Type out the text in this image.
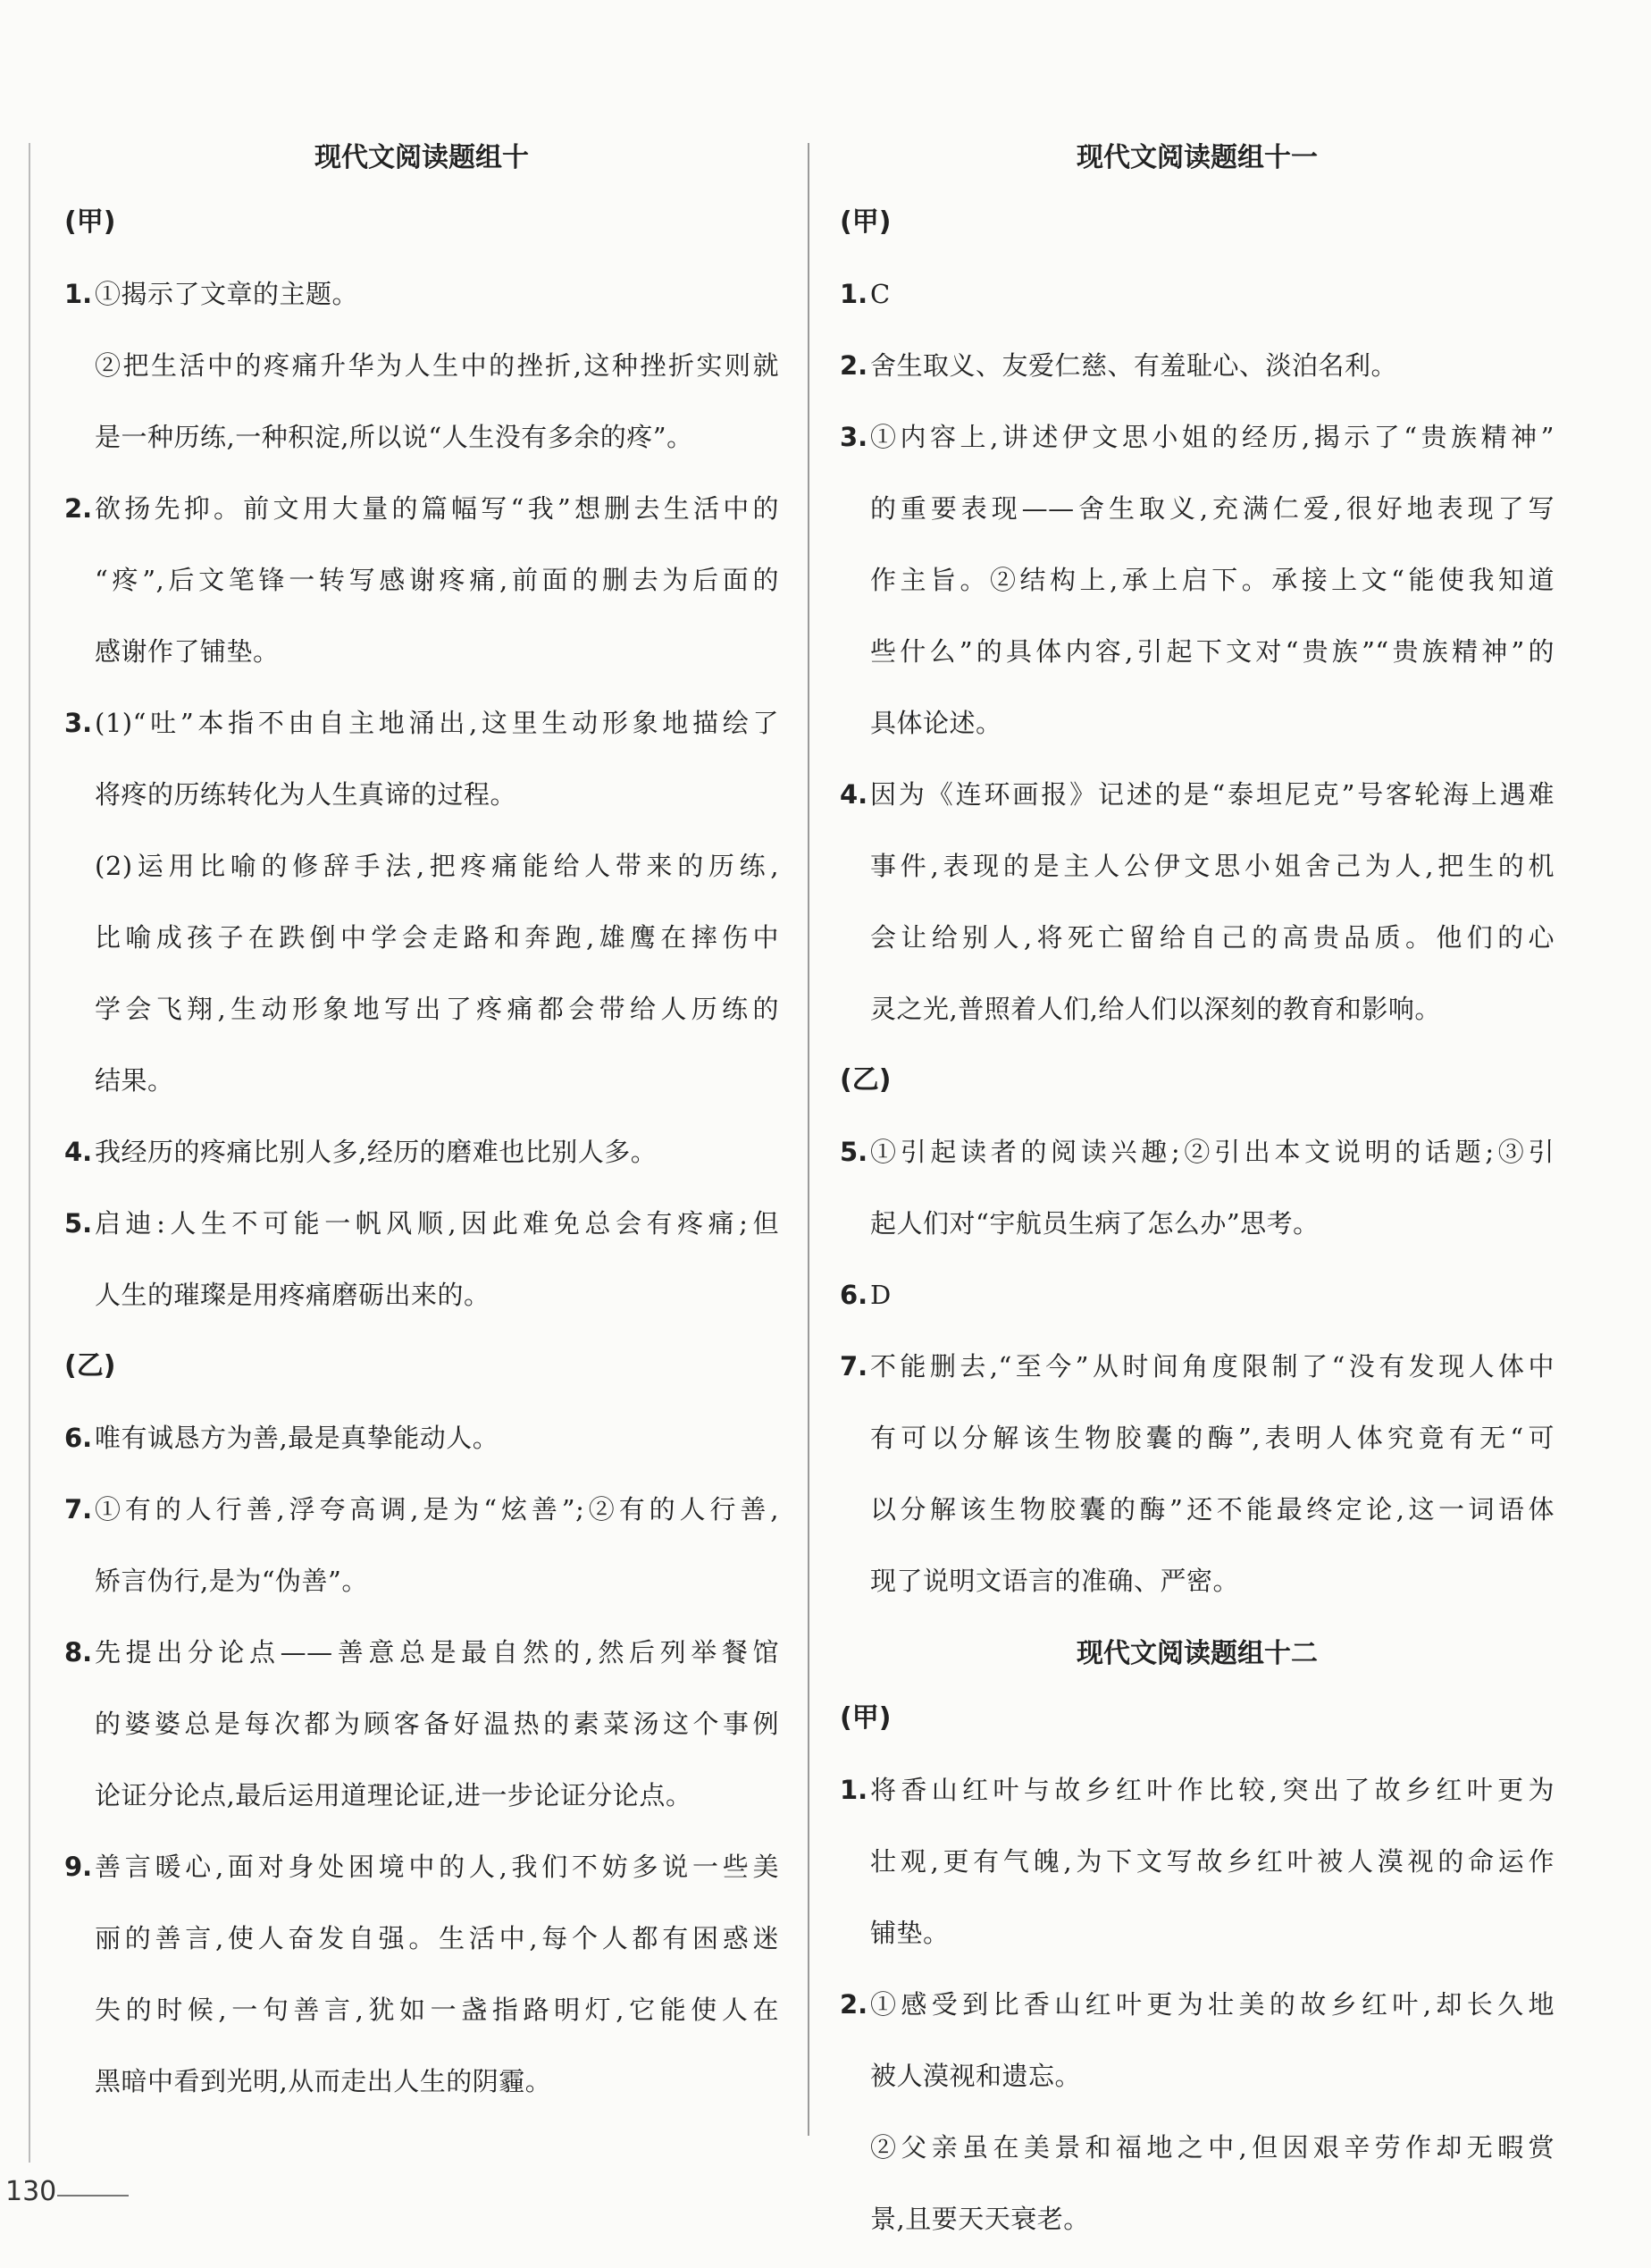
现代文阅读题组十
(甲)
1. ①揭示了文章的主题。
②把生活中的疼痛升华为人生中的挫折,这种挫折实则就
是一种历练,一种积淀,所以说“人生没有多余的疼”。
2. 欲扬先抑。前文用大量的篇幅写“我”想删去生活中的
“疼”,后文笔锋一转写感谢疼痛,前面的删去为后面的
感谢作了铺垫。
3. (1)“吐”本指不由自主地涌出,这里生动形象地描绘了
将疼的历练转化为人生真谛的过程。
(2)运用比喻的修辞手法,把疼痛能给人带来的历练,
比喻成孩子在跌倒中学会走路和奔跑,雄鹰在摔伤中
学会飞翔,生动形象地写出了疼痛都会带给人历练的
结果。
4. 我经历的疼痛比别人多,经历的磨难也比别人多。
5. 启迪:人生不可能一帆风顺,因此难免总会有疼痛;但
人生的璀璨是用疼痛磨砺出来的。
(乙)
6. 唯有诚恳方为善,最是真挚能动人。
7. ①有的人行善,浮夸高调,是为“炫善”;②有的人行善,
矫言伪行,是为“伪善”。
8. 先提出分论点——善意总是最自然的,然后列举餐馆
的婆婆总是每次都为顾客备好温热的素菜汤这个事例
论证分论点,最后运用道理论证,进一步论证分论点。
9. 善言暖心,面对身处困境中的人,我们不妨多说一些美
丽的善言,使人奋发自强。生活中,每个人都有困惑迷
失的时候,一句善言,犹如一盏指路明灯,它能使人在
黑暗中看到光明,从而走出人生的阴霾。
现代文阅读题组十一
(甲)
1. C
2. 舍生取义、友爱仁慈、有羞耻心、淡泊名利。
3. ①内容上,讲述伊文思小姐的经历,揭示了“贵族精神”
的重要表现——舍生取义,充满仁爱,很好地表现了写
作主旨。②结构上,承上启下。承接上文“能使我知道
些什么”的具体内容,引起下文对“贵族”“贵族精神”的
具体论述。
4. 因为《连环画报》记述的是“泰坦尼克”号客轮海上遇难
事件,表现的是主人公伊文思小姐舍己为人,把生的机
会让给别人,将死亡留给自己的高贵品质。他们的心
灵之光,普照着人们,给人们以深刻的教育和影响。
(乙)
5. ①引起读者的阅读兴趣;②引出本文说明的话题;③引
起人们对“宇航员生病了怎么办”思考。
6. D
7. 不能删去,“至今”从时间角度限制了“没有发现人体中
有可以分解该生物胶囊的酶”,表明人体究竟有无“可
以分解该生物胶囊的酶”还不能最终定论,这一词语体
现了说明文语言的准确、严密。
现代文阅读题组十二
(甲)
1. 将香山红叶与故乡红叶作比较,突出了故乡红叶更为
壮观,更有气魄,为下文写故乡红叶被人漠视的命运作
铺垫。
2. ①感受到比香山红叶更为壮美的故乡红叶,却长久地
被人漠视和遗忘。
②父亲虽在美景和福地之中,但因艰辛劳作却无暇赏
景,且要天天衰老。
130
